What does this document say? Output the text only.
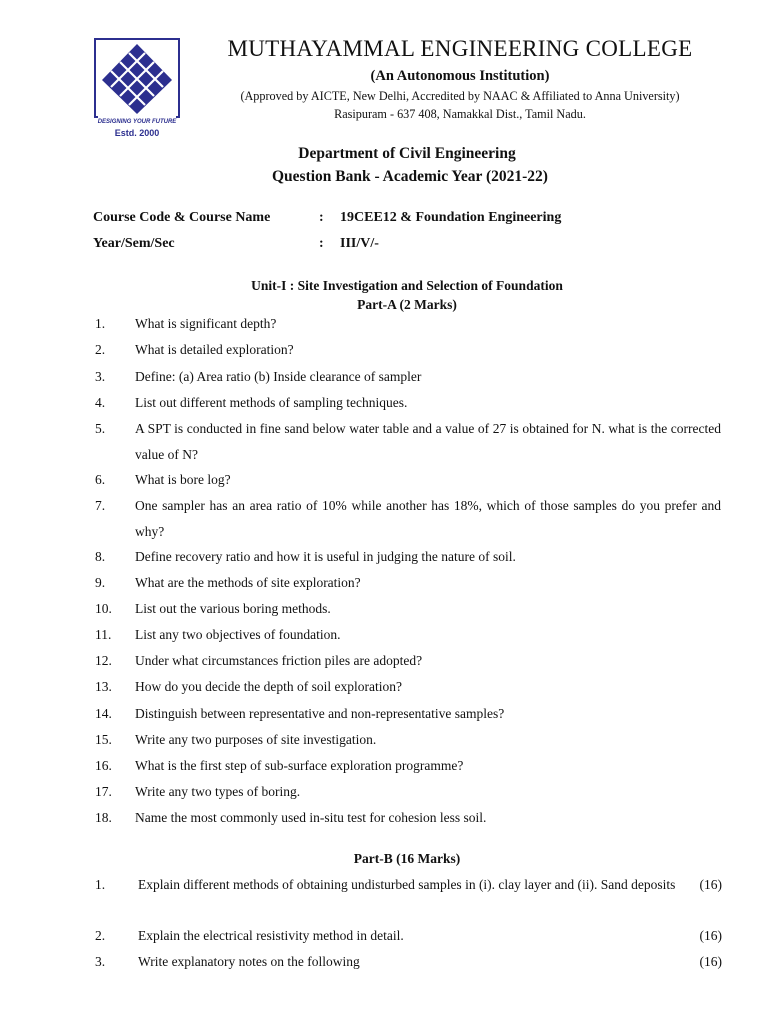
DESIGNING YOUR FUTURE
Estd. 2000
MUTHAYAMMAL ENGINEERING COLLEGE
(An Autonomous Institution)
(Approved by AICTE, New Delhi, Accredited by NAAC & Affiliated to Anna University)
Rasipuram - 637 408, Namakkal Dist., Tamil Nadu.
Department of Civil Engineering
Question Bank - Academic Year (2021-22)
Course Code & Course Name	: 19CEE12 & Foundation Engineering
Year/Sem/Sec	: III/V/-
Unit-I : Site Investigation and Selection of Foundation
Part-A (2 Marks)
1. What is significant depth?
2. What is detailed exploration?
3. Define: (a) Area ratio (b) Inside clearance of sampler
4. List out different methods of sampling techniques.
5. A SPT is conducted in fine sand below water table and a value of 27 is obtained for N. what is the corrected value of N?
6. What is bore log?
7. One sampler has an area ratio of 10% while another has 18%, which of those samples do you prefer and why?
8. Define recovery ratio and how it is useful in judging the nature of soil.
9. What are the methods of site exploration?
10. List out the various boring methods.
11. List any two objectives of foundation.
12. Under what circumstances friction piles are adopted?
13. How do you decide the depth of soil exploration?
14. Distinguish between representative and non-representative samples?
15. Write any two purposes of site investigation.
16. What is the first step of sub-surface exploration programme?
17. Write any two types of boring.
18. Name the most commonly used in-situ test for cohesion less soil.
Part-B (16 Marks)
1. Explain different methods of obtaining undisturbed samples in (i). clay layer and (ii). Sand deposits	(16)
2. Explain the electrical resistivity method in detail.	(16)
3. Write explanatory notes on the following	(16)
